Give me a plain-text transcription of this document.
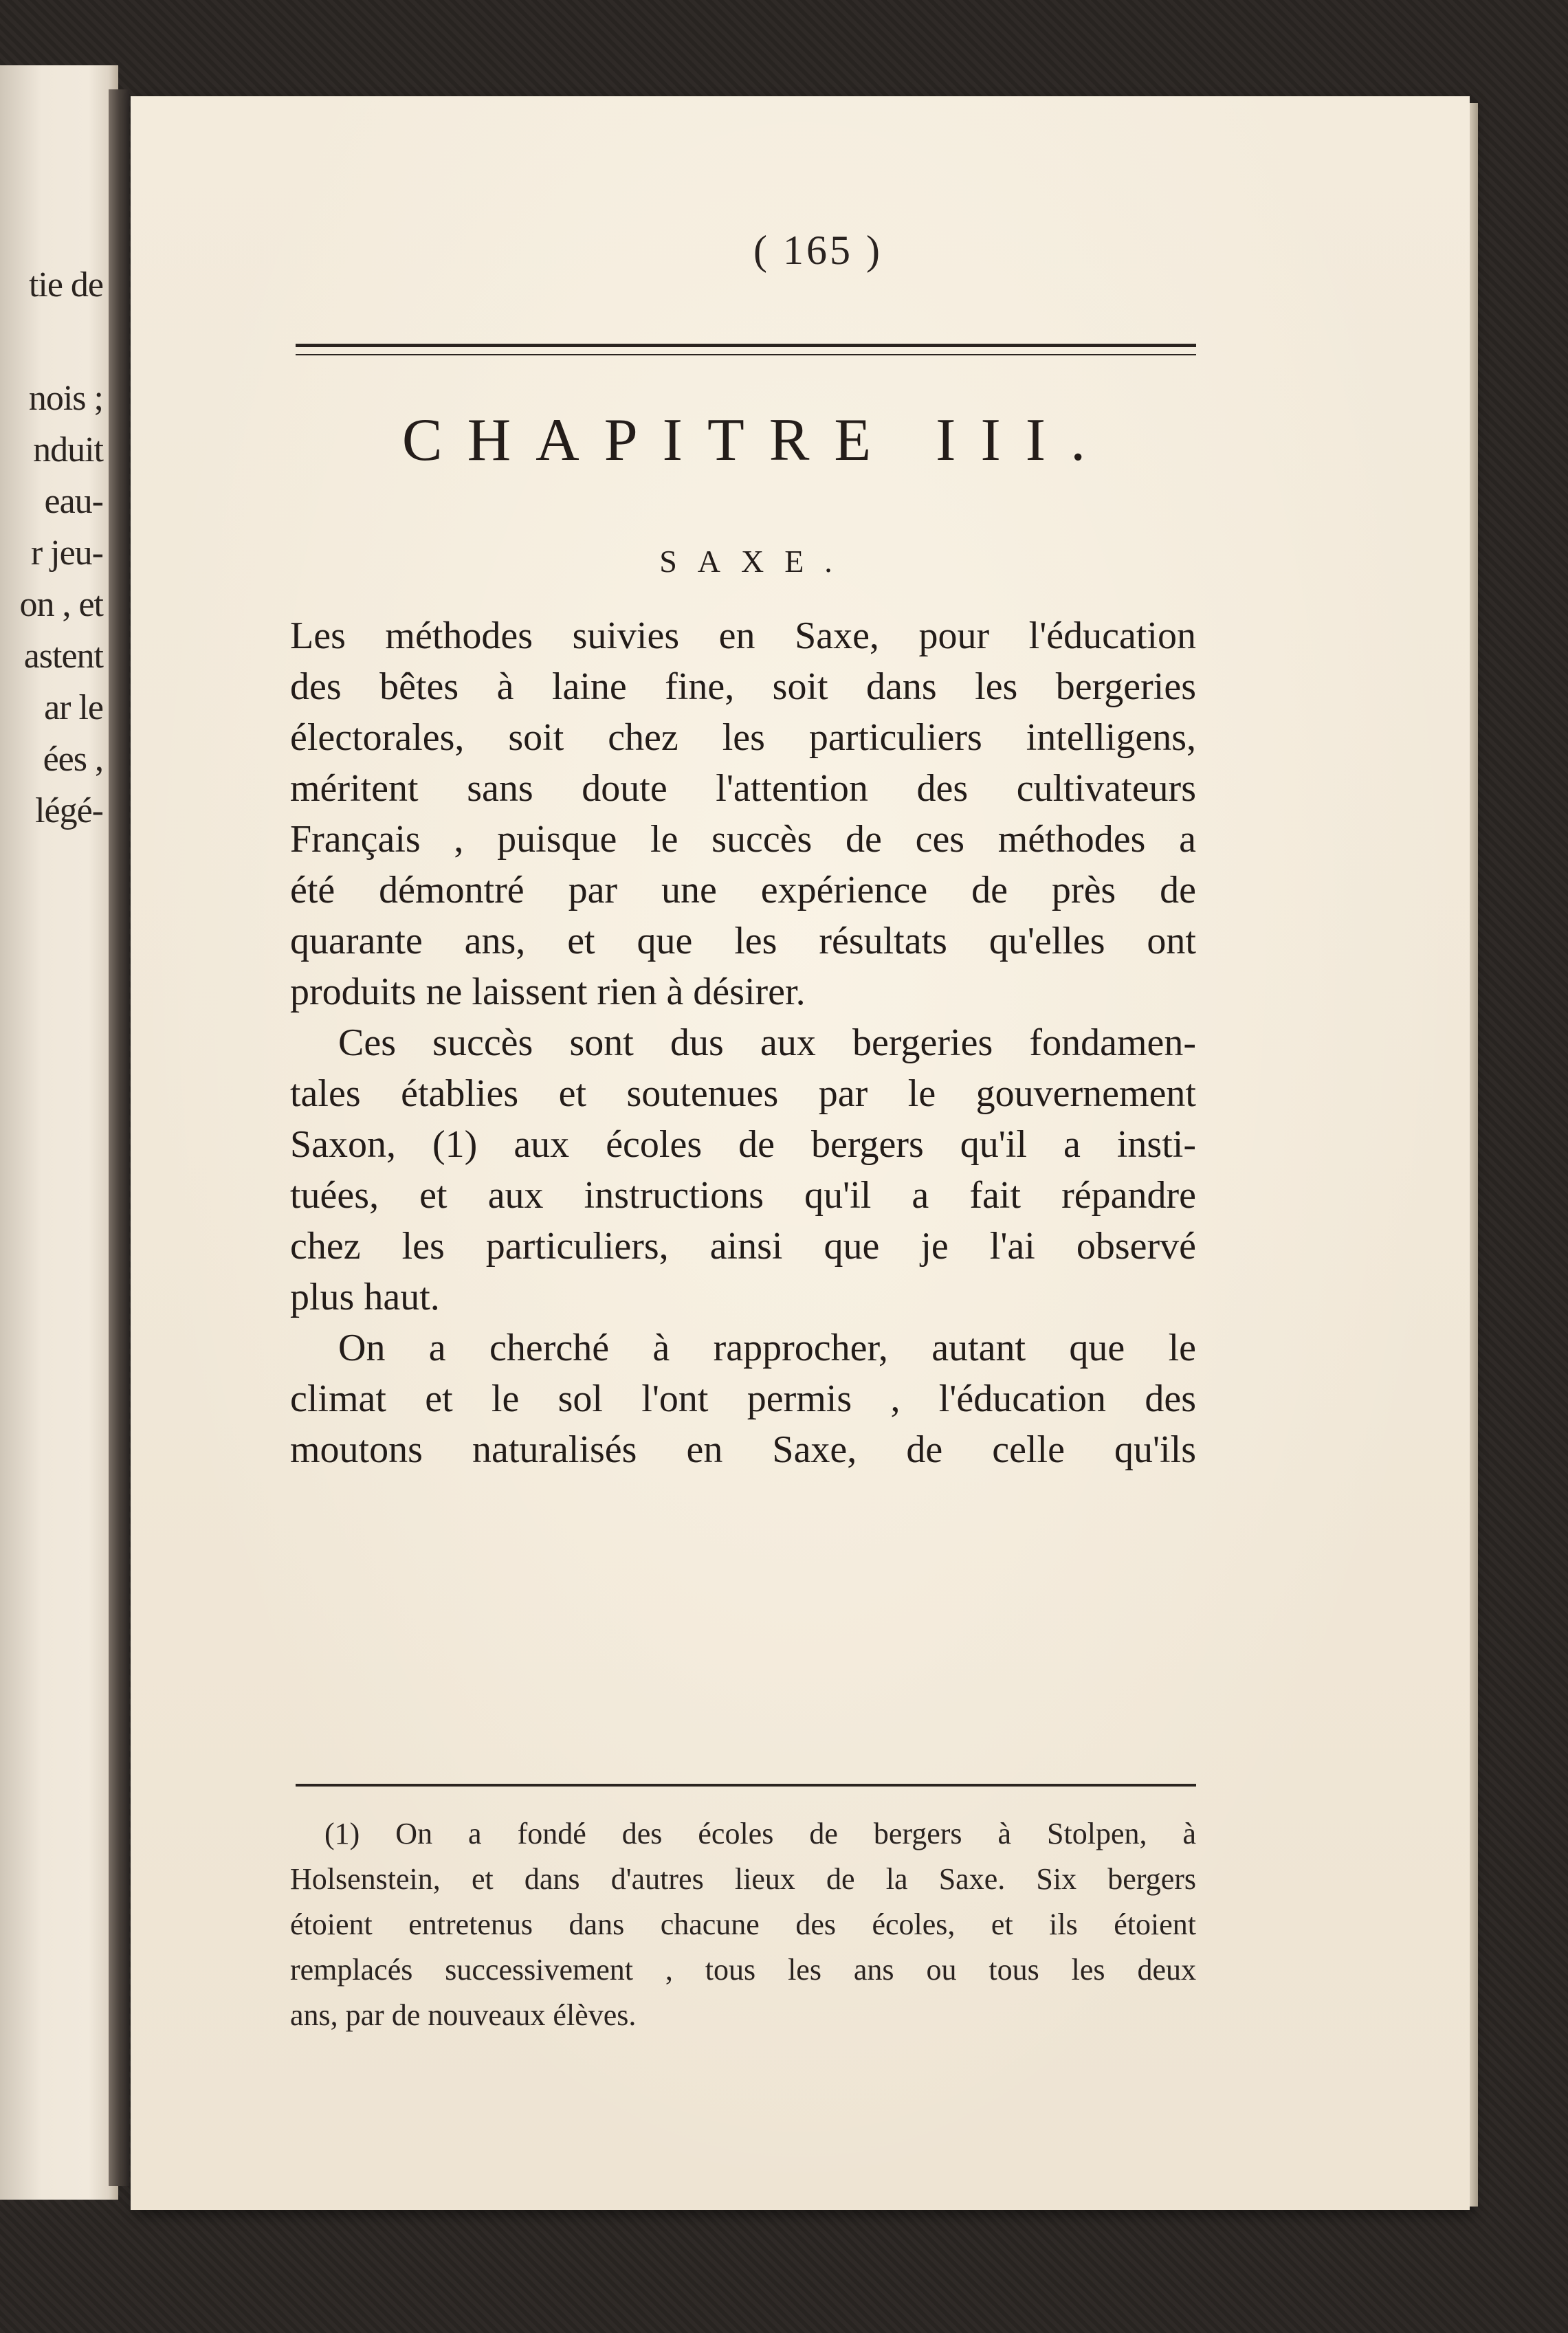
tie de
nois ;
nduit
eau-
r jeu-
on , et
astent
ar le
ées ,
légé-
( 165 )
CHAPITRE III.
SAXE.
Les méthodes suivies en Saxe, pour l'éducation
des bêtes à laine fine, soit dans les bergeries
électorales, soit chez les particuliers intelligens,
méritent sans doute l'attention des cultivateurs
Français , puisque le succès de ces méthodes a
été démontré par une expérience de près de
quarante ans, et que les résultats qu'elles ont
produits ne laissent rien à désirer.
Ces succès sont dus aux bergeries fondamen-
tales établies et soutenues par le gouvernement
Saxon, (1) aux écoles de bergers qu'il a insti-
tuées, et aux instructions qu'il a fait répandre
chez les particuliers, ainsi que je l'ai observé
plus haut.
On a cherché à rapprocher, autant que le
climat et le sol l'ont permis , l'éducation des
moutons naturalisés en Saxe, de celle qu'ils
(1) On a fondé des écoles de bergers à Stolpen, à
Holsenstein, et dans d'autres lieux de la Saxe. Six bergers
étoient entretenus dans chacune des écoles, et ils étoient
remplacés successivement , tous les ans ou tous les deux
ans, par de nouveaux élèves.
